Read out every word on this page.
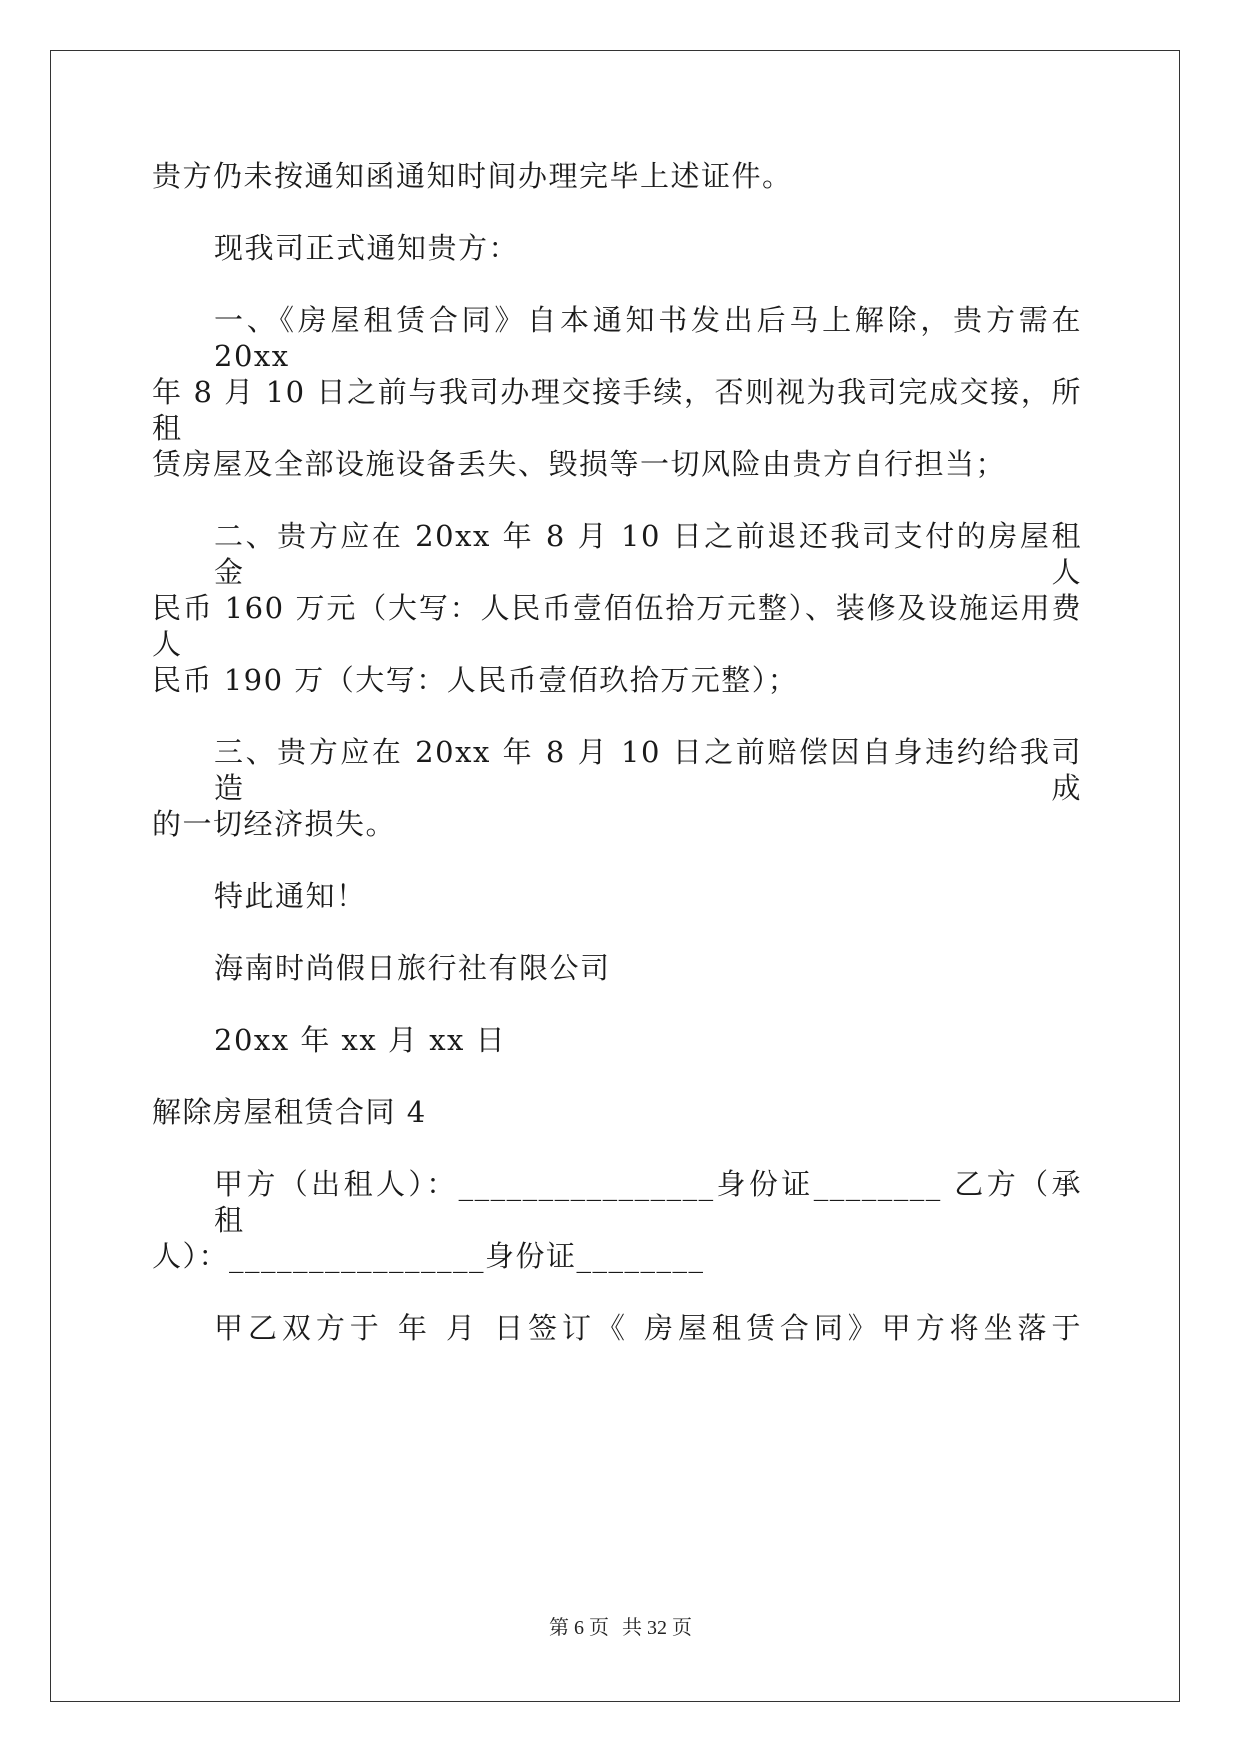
贵方仍未按通知函通知时间办理完毕上述证件。
现我司正式通知贵方：
一、《房屋租赁合同》自本通知书发出后马上解除，贵方需在 20xx
年 8 月 10 日之前与我司办理交接手续，否则视为我司完成交接，所租
赁房屋及全部设施设备丢失、毁损等一切风险由贵方自行担当；
二、贵方应在 20xx 年 8 月 10 日之前退还我司支付的房屋租金人
民币 160 万元（大写：人民币壹佰伍拾万元整）、装修及设施运用费人
民币 190 万（大写：人民币壹佰玖拾万元整）；
三、贵方应在 20xx 年 8 月 10 日之前赔偿因自身违约给我司造成
的一切经济损失。
特此通知！
海南时尚假日旅行社有限公司
20xx 年 xx 月 xx 日
解除房屋租赁合同 4
甲方（出租人）：________________身份证________ 乙方（承租
人）：________________身份证________
甲乙双方于 年 月 日签订《 房屋租赁合同》甲方将坐落于
第 6 页 共 32 页
